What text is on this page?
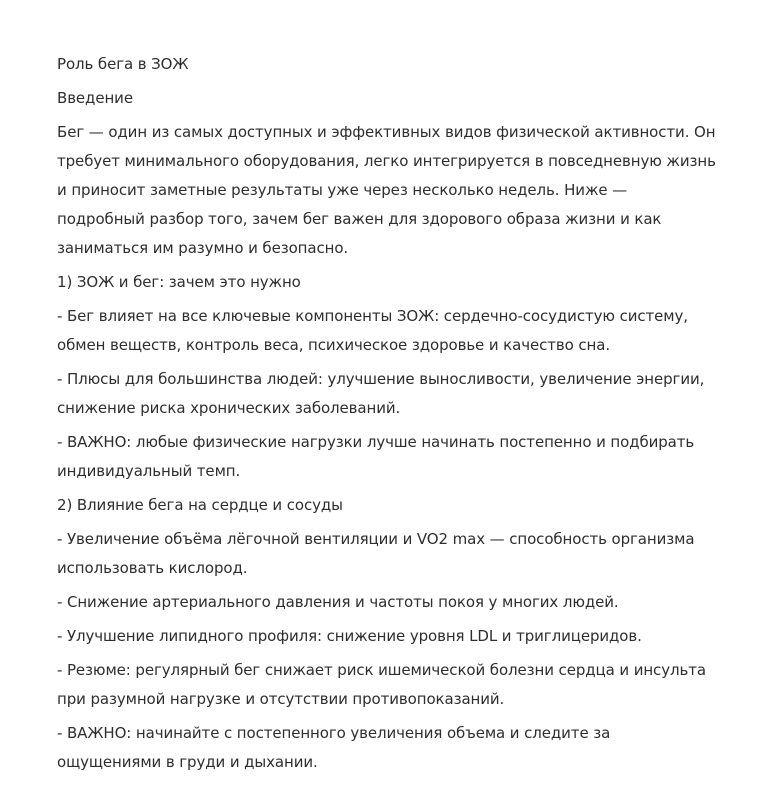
Роль бега в ЗОЖ

Введение

Бег — один из самых доступных и эффективных видов физической активности. Он требует минимального оборудования, легко интегрируется в повседневную жизнь и приносит заметные результаты уже через несколько недель. Ниже — подробный разбор того, зачем бег важен для здорового образа жизни и как заниматься им разумно и безопасно.

1) ЗОЖ и бег: зачем это нужно

- Бег влияет на все ключевые компоненты ЗОЖ: сердечно-сосудистую систему, обмен веществ, контроль веса, психическое здоровье и качество сна.

- Плюсы для большинства людей: улучшение выносливости, увеличение энергии, снижение риска хронических заболеваний.

- ВАЖНО: любые физические нагрузки лучше начинать постепенно и подбирать индивидуальный темп.

2) Влияние бега на сердце и сосуды

- Увеличение объёма лёгочной вентиляции и VO2 max — способность организма использовать кислород.

- Снижение артериального давления и частоты покоя у многих людей.

- Улучшение липидного профиля: снижение уровня LDL и триглицеридов.

- Резюме: регулярный бег снижает риск ишемической болезни сердца и инсульта при разумной нагрузке и отсутствии противопоказаний.

- ВАЖНО: начинайте с постепенного увеличения объема и следите за ощущениями в груди и дыхании.
